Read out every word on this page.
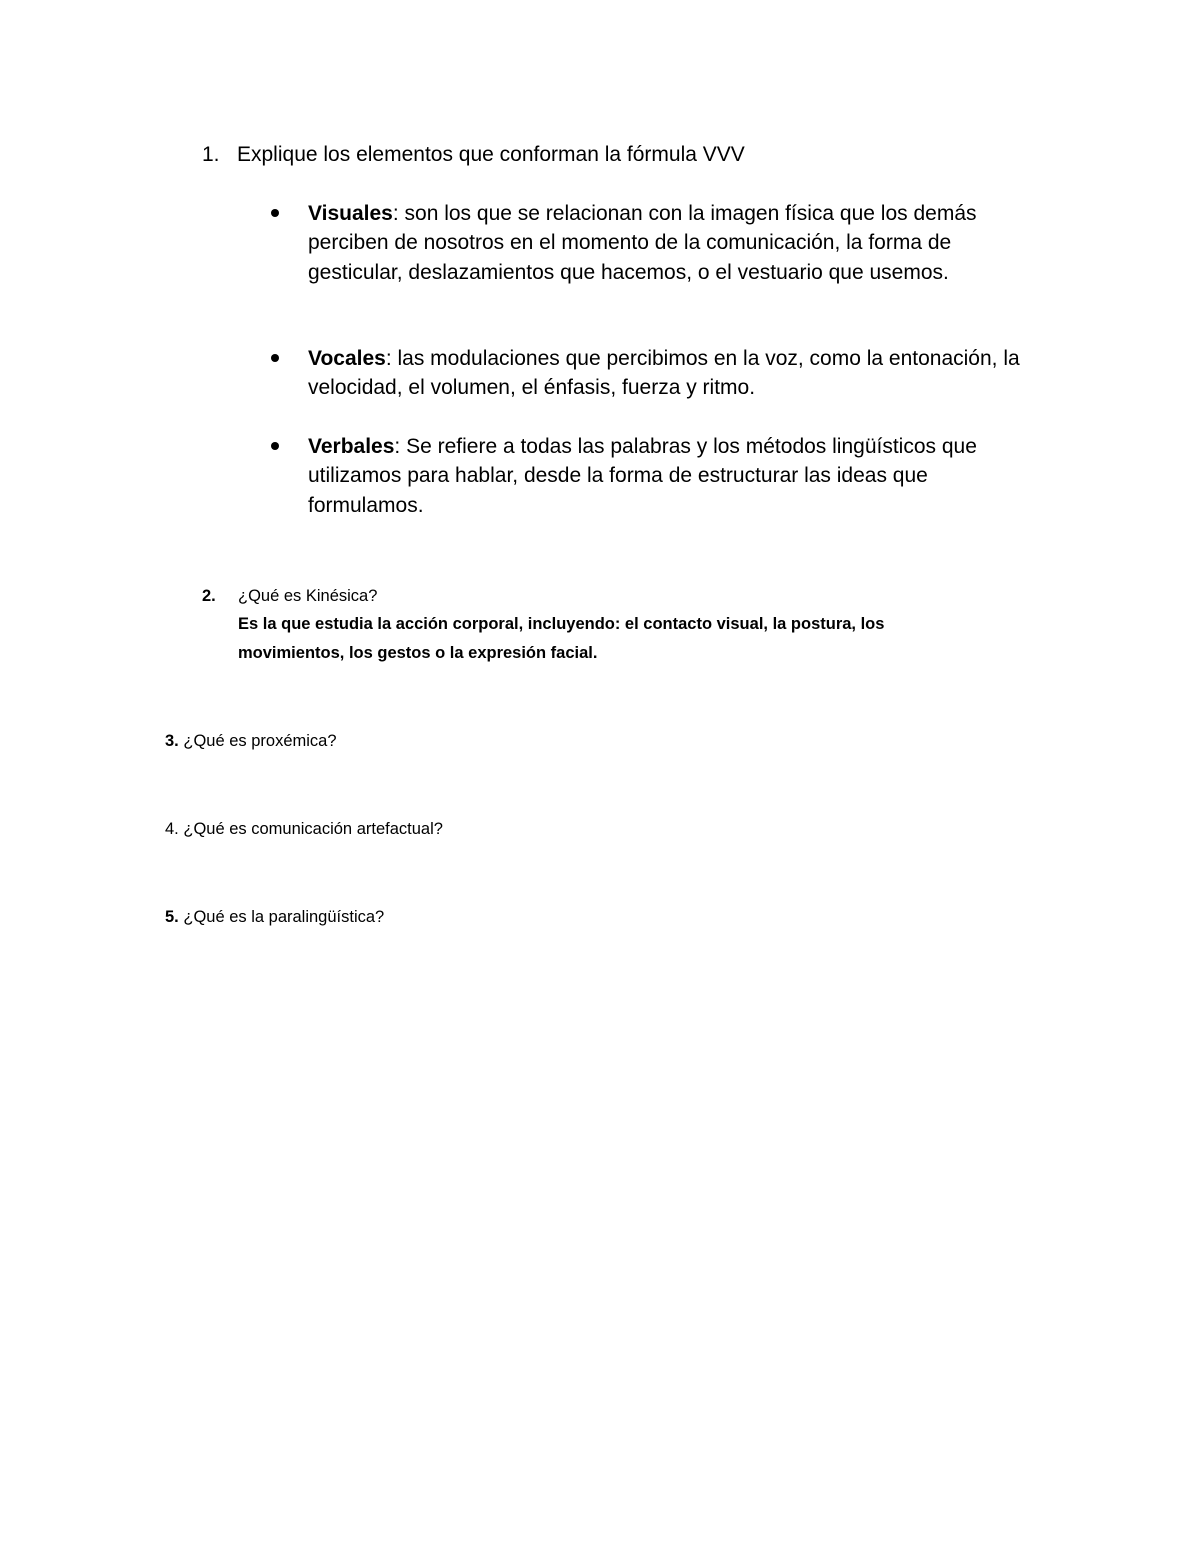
1. Explique los elementos que conforman la fórmula VVV
Visuales: son los que se relacionan con la imagen física que los demás perciben de nosotros en el momento de la comunicación, la forma de gesticular, deslazamientos que hacemos, o el vestuario que usemos.
Vocales: las modulaciones que percibimos en la voz, como la entonación, la velocidad, el volumen, el énfasis, fuerza y ritmo.
Verbales: Se refiere a todas las palabras y los métodos lingüísticos que utilizamos para hablar, desde la forma de estructurar las ideas que formulamos.
2. ¿Qué es Kinésica?
Es la que estudia la acción corporal, incluyendo: el contacto visual, la postura, los movimientos, los gestos o la expresión facial.
3. ¿Qué es proxémica?
4. ¿Qué es comunicación artefactual?
5. ¿Qué es la paralingüística?
